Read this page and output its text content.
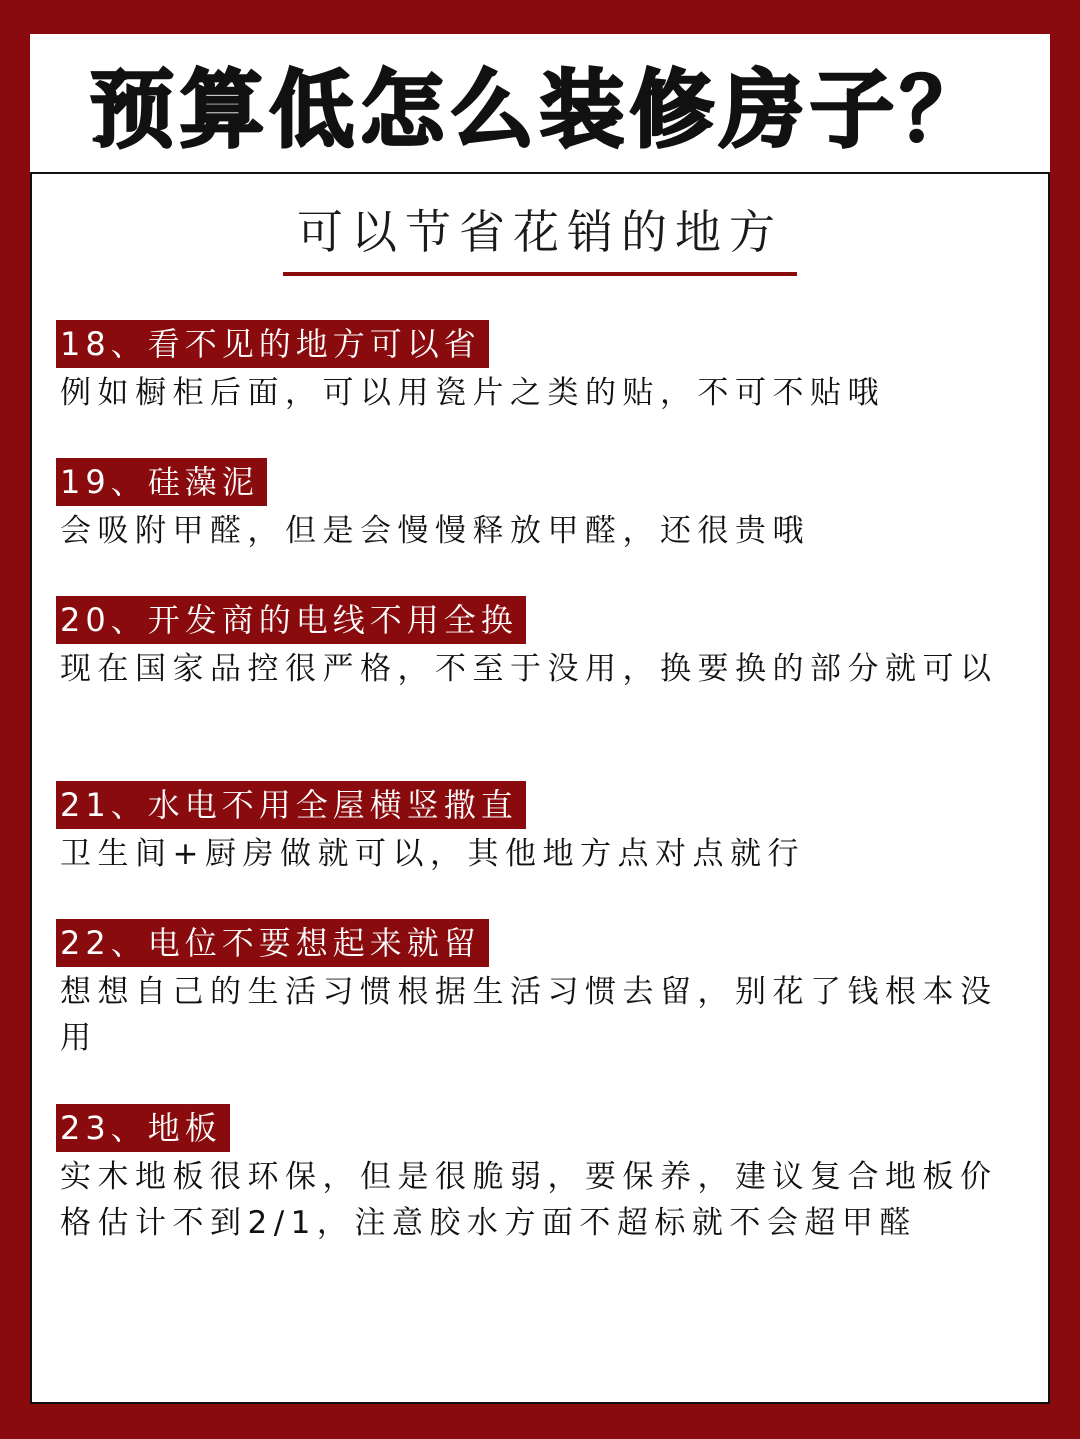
预算低怎么装修房子？
可以节省花销的地方
18、看不见的地方可以省
例如橱柜后面，可以用瓷片之类的贴，不可不贴哦
19、硅藻泥
会吸附甲醛，但是会慢慢释放甲醛，还很贵哦
20、开发商的电线不用全换
现在国家品控很严格，不至于没用，换要换的部分就可以
21、水电不用全屋横竖撒直
卫生间+厨房做就可以，其他地方点对点就行
22、电位不要想起来就留
想想自己的生活习惯根据生活习惯去留，别花了钱根本没用
23、地板
实木地板很环保，但是很脆弱，要保养，建议复合地板价格估计不到2/1，注意胶水方面不超标就不会超甲醛
